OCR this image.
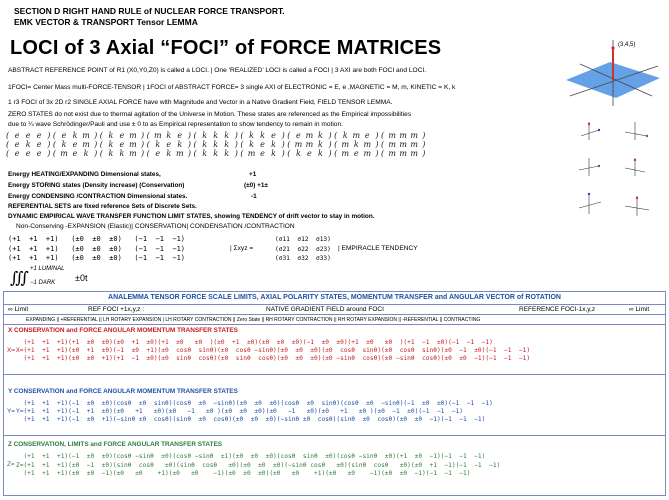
SECTION D RIGHT HAND RULE of NUCLEAR FORCE TRANSPORT.
EMK VECTOR & TRANSPORT Tensor LEMMA
LOCI of 3 Axial “FOCI” of FORCE MATRICES	(3,4,5)
ABSTRACT REFERENCE POINT of R1 (X0,Y0,Z0) is called a LOCI. | One ‘REALIZED’ LOCI is called a FOCI | 3 AXI are both FOCI and LOCI.
1FOCI= Center Mass multi-FORCE-TENSOR | 1FOCI of ABSTRACT FORCE= 3 single AXI of ELECTRONIC = E, e ,MAGNETIC = M, m, KINETIC = K, k
1 r3 FOCI of 3x 2D r2 SINGLE AXIAL FORCE have with Magnitude and Vector in a Native Gradient Field, FIELD TENSOR LEMMA.
ZERO STATES do not exist due to thermal agitation of the Universe in Motion. These states are referenced as the Empirical impossibilities
due to ¼ wave Schrödinger/Pauli and use ± 0 to as Empirical representation to show tendency to remain in motion.
( e e e ) ( e k m ) ( k e m ) ( m k e ) ( k k k ) ( k k e ) ( e m k ) ( k m e ) ( m m m )
( e k e ) ( k e m ) ( k e m ) ( k e k ) ( k k k ) ( k e k ) ( m m k ) ( m k m ) ( m m m )
( e e e ) ( m e k ) ( k k m ) ( e k m ) ( k k k ) ( m e k ) ( k e k ) ( m e m ) ( m m m )
Energy HEATING/EXPANDING Dimensional states,	+1
Energy STORING states (Density increase) (Conservation)	(±0) +1±
Energy CONDENSING /CONTRACTION Dimensional states.	-1
REFERENTIAL SETS are fixed reference Sets of Discrete Sets.
DYNAMIC EMPIRICAL WAVE TRANSFER FUNCTION LIMIT STATES, showing TENDENCY of drift vector to stay in motion.
Non-Conserving -EXPANSION (Elastic)| CONSERVATION| CONDENSATION /CONTRACTION
(+1  +1  +1)   (±0  ±0  ±0)   (−1  −1  −1)
(+1  +1  +1)   (±0  ±0  ±0)   (−1  −1  −1)
(+1  +1  +1)   (±0  ±0  ±0)   (−1  −1  −1)
| Σxyz =
(σ11  σ12  σ13)
(σ21  σ22  σ23)
(σ31  σ32  σ33)
| EMPIRACLE TENDENCY
∭ +1 LUMINAL
−1 DARK ±0t
ANALEMMA TENSOR FORCE SCALE LIMITS, AXIAL POLARITY STATES, MOMENTUM TRANSFER and ANGULAR VECTOR of ROTATION
∞ Limit	REF FOCI +1x,y,z :	NATIVE GRADIENT FIELD around FOCI	REFERENCE FOCI-1x,y,z	∞ Limit
EXPANDING || +REFERENTIAL || LH ROTARY EXPANSION | LH ROTARY CONTRACTION || Zero State || RH ROTARY CONTRACTION || RH ROTARY EXPANSION || -REFERENTIAL || CONTRACTING
X CONSERVATION and FORCE ANGULAR MOMENTUM TRANSFER STATES
(+1  +1  +1)(+1  ±0  ±0)(±0  +1  ±0)(+1  ±0   ±0  )(±0  +1  ±0)(±0  ±0  ±0)(−1  ±0  ±0)(+1  ±0   ±0  )(+1  −1  ±0)(−1  −1  −1)
X=(+1  +1  +1)(±0  +1  ±0)(−1  ±0  +1)(±0  cosθ  sinθ)(±0  cosθ −sinθ)(±0  ±0  ±0)(±0  cosθ  sinθ)(±0  cosθ  sinθ)(±0  −1  ±0)(−1  −1  −1)
(+1  +1  +1)(±0  ±0  +1)(+1  −1  ±0)(±0  sinθ  cosθ)(±0  sinθ  cosθ)(±0  ±0  ±0)(±0 −sinθ  cosθ)(±0 −sinθ  cosθ)(±0  ±0  −1)(−1  −1  −1)
X=
Y CONSERVATION and FORCE ANGULAR MOMENTUM TRANSFER STATES
(+1  +1  +1)(−1  ±0  ±0)(cosθ  ±0  sinθ)(cosθ  ±0  −sinθ)(±0  ±0  ±0)(cosθ  ±0  sinθ)(cosθ  ±0  −sinθ)(−1  ±0  ±0)(−1  −1  −1)
Y=(+1  +1  +1)(−1  +1  ±0)(±0   +1   ±0)(±0   −1   ±0 )(±0  ±0  ±0)(±0   −1   ±0)(±0   +1   ±0 )(±0  −1  ±0)(−1  −1  −1)
(+1  +1  +1)(−1  ±0  +1)(−sinθ ±0  cosθ)(sinθ  ±0  cosθ)(±0  ±0  ±0)(−sinθ ±0  cosθ)(sinθ  ±0  cosθ)(±0  ±0  −1)(−1  −1  −1)
Y=
Z CONSERVATION, LIMITS and FORCE ANGULAR TRANSFER STATES
(+1  +1  +1)(−1  ±0  ±0)(cosθ −sinθ  ±0)(cosθ −sinθ  ±1)(±0  ±0  ±0)(cosθ  sinθ  ±0)(cosθ −sinθ  ±0)(+1  ±0  −1)(−1  −1  −1)
Z=(+1  +1  +1)(±0  −1  ±0)(sinθ  cosθ   ±0)(sinθ  cosθ   ±0)(±0  ±0  ±0)(−sinθ cosθ   ±0)(sinθ  cosθ   ±0)(±0  +1  −1)(−1  −1  −1)
(+1  +1  +1)(±0  ±0  −1)(±0   ±0    +1)(±0   ±0    −1)(±0  ±0  ±0)(±0   ±0    +1)(±0   ±0    −1)(±0  ±0  −1)(−1  −1  −1)
Z=
